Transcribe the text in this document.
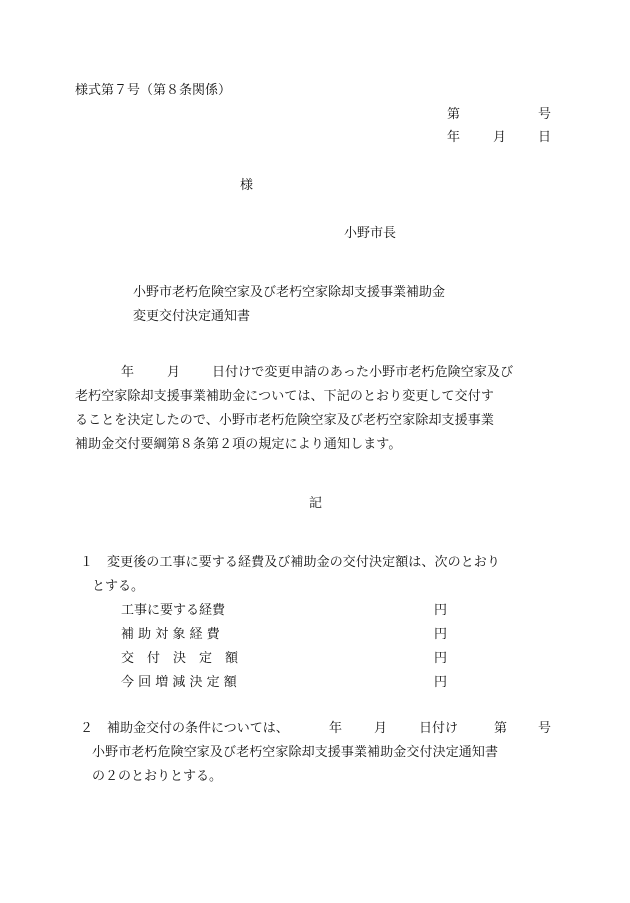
様式第７号（第８条関係）
第	号
年	月 日
様
小野市長
小野市老朽危険空家及び老朽空家除却支援事業補助金
変更交付決定通知書
年	月 日付けで変更申請のあった小野市老朽危険空家及び
老朽空家除却支援事業補助金については、下記のとおり変更して交付す
ることを決定したので、小野市老朽危険空家及び老朽空家除却支援事業
補助金交付要綱第８条第２項の規定により通知します。
記
１ 変更後の工事に要する経費及び補助金の交付決定額は、次のとおり
とする。
工事に要する経費	円
補 助 対 象 経 費	円
交　付　決　定　額	円
今 回 増 減 決 定 額	円
２ 補助金交付の条件については、	年 月 日付け	第 号
小野市老朽危険空家及び老朽空家除却支援事業補助金交付決定通知書
の２のとおりとする。
